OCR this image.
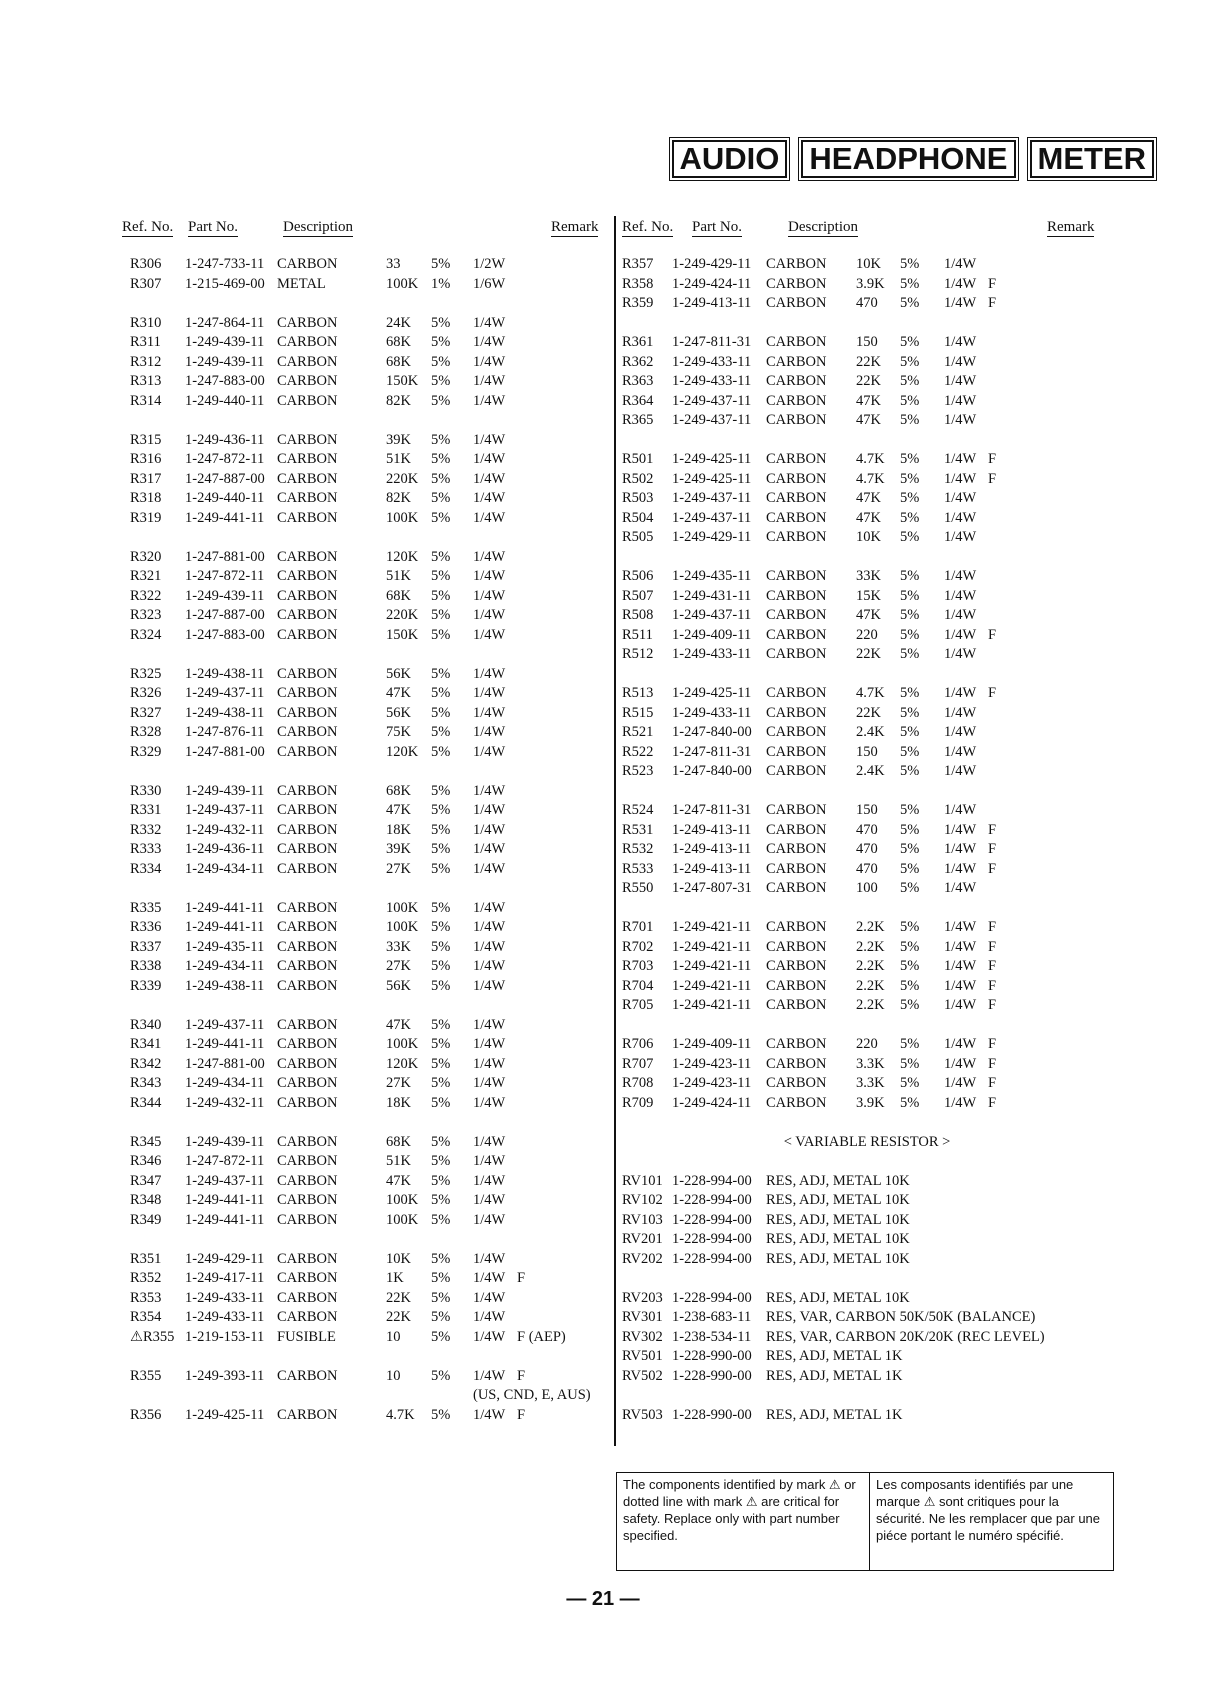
AUDIO HEADPHONE METER
Ref. No. Part No.	Description	Remark
R306 1-247-733-11 CARBON	33 5% 1/2W
R307 1-215-469-00 METAL	100K 1% 1/6W
R310 1-247-864-11 CARBON	24K 5% 1/4W
R311 1-249-439-11 CARBON	68K 5% 1/4W
R312 1-249-439-11 CARBON	68K 5% 1/4W
R313 1-247-883-00 CARBON	150K 5% 1/4W
R314 1-249-440-11 CARBON	82K 5% 1/4W
R315 1-249-436-11 CARBON	39K 5% 1/4W
R316 1-247-872-11 CARBON	51K 5% 1/4W
R317 1-247-887-00 CARBON	220K 5% 1/4W
R318 1-249-440-11 CARBON	82K 5% 1/4W
R319 1-249-441-11 CARBON	100K 5% 1/4W
R320 1-247-881-00 CARBON	120K 5% 1/4W
R321 1-247-872-11 CARBON	51K 5% 1/4W
R322 1-249-439-11 CARBON	68K 5% 1/4W
R323 1-247-887-00 CARBON	220K 5% 1/4W
R324 1-247-883-00 CARBON	150K 5% 1/4W
R325 1-249-438-11 CARBON	56K 5% 1/4W
R326 1-249-437-11 CARBON	47K 5% 1/4W
R327 1-249-438-11 CARBON	56K 5% 1/4W
R328 1-247-876-11 CARBON	75K 5% 1/4W
R329 1-247-881-00 CARBON	120K 5% 1/4W
R330 1-249-439-11 CARBON	68K 5% 1/4W
R331 1-249-437-11 CARBON	47K 5% 1/4W
R332 1-249-432-11 CARBON	18K 5% 1/4W
R333 1-249-436-11 CARBON	39K 5% 1/4W
R334 1-249-434-11 CARBON	27K 5% 1/4W
R335 1-249-441-11 CARBON	100K 5% 1/4W
R336 1-249-441-11 CARBON	100K 5% 1/4W
R337 1-249-435-11 CARBON	33K 5% 1/4W
R338 1-249-434-11 CARBON	27K 5% 1/4W
R339 1-249-438-11 CARBON	56K 5% 1/4W
R340 1-249-437-11 CARBON	47K 5% 1/4W
R341 1-249-441-11 CARBON	100K 5% 1/4W
R342 1-247-881-00 CARBON	120K 5% 1/4W
R343 1-249-434-11 CARBON	27K 5% 1/4W
R344 1-249-432-11 CARBON	18K 5% 1/4W
R345 1-249-439-11 CARBON	68K 5% 1/4W
R346 1-247-872-11 CARBON	51K 5% 1/4W
R347 1-249-437-11 CARBON	47K 5% 1/4W
R348 1-249-441-11 CARBON	100K 5% 1/4W
R349 1-249-441-11 CARBON	100K 5% 1/4W
R351 1-249-429-11 CARBON	10K 5% 1/4W
R352 1-249-417-11 CARBON	1K 5% 1/4W F
R353 1-249-433-11 CARBON	22K 5% 1/4W
R354 1-249-433-11 CARBON	22K 5% 1/4W
⚠R355 1-219-153-11 FUSIBLE	10 5% 1/4W F (AEP)
R355 1-249-393-11 CARBON	10 5% 1/4W F
(US, CND, E, AUS)
R356 1-249-425-11 CARBON	4.7K 5% 1/4W F
Ref. No. Part No.	Description	Remark
R357 1-249-429-11 CARBON 10K 5% 1/4W
R358 1-249-424-11 CARBON 3.9K 5% 1/4W F
R359 1-249-413-11 CARBON 470 5% 1/4W F
R361 1-247-811-31 CARBON 150 5% 1/4W
R362 1-249-433-11 CARBON 22K 5% 1/4W
R363 1-249-433-11 CARBON 22K 5% 1/4W
R364 1-249-437-11 CARBON 47K 5% 1/4W
R365 1-249-437-11 CARBON 47K 5% 1/4W
R501 1-249-425-11 CARBON 4.7K 5% 1/4W F
R502 1-249-425-11 CARBON 4.7K 5% 1/4W F
R503 1-249-437-11 CARBON 47K 5% 1/4W
R504 1-249-437-11 CARBON 47K 5% 1/4W
R505 1-249-429-11 CARBON 10K 5% 1/4W
R506 1-249-435-11 CARBON 33K 5% 1/4W
R507 1-249-431-11 CARBON 15K 5% 1/4W
R508 1-249-437-11 CARBON 47K 5% 1/4W
R511 1-249-409-11 CARBON 220 5% 1/4W F
R512 1-249-433-11 CARBON 22K 5% 1/4W
R513 1-249-425-11 CARBON 4.7K 5% 1/4W F
R515 1-249-433-11 CARBON 22K 5% 1/4W
R521 1-247-840-00 CARBON 2.4K 5% 1/4W
R522 1-247-811-31 CARBON 150 5% 1/4W
R523 1-247-840-00 CARBON 2.4K 5% 1/4W
R524 1-247-811-31 CARBON 150 5% 1/4W
R531 1-249-413-11 CARBON 470 5% 1/4W F
R532 1-249-413-11 CARBON 470 5% 1/4W F
R533 1-249-413-11 CARBON 470 5% 1/4W F
R550 1-247-807-31 CARBON 100 5% 1/4W
R701 1-249-421-11 CARBON 2.2K 5% 1/4W F
R702 1-249-421-11 CARBON 2.2K 5% 1/4W F
R703 1-249-421-11 CARBON 2.2K 5% 1/4W F
R704 1-249-421-11 CARBON 2.2K 5% 1/4W F
R705 1-249-421-11 CARBON 2.2K 5% 1/4W F
R706 1-249-409-11 CARBON 220 5% 1/4W F
R707 1-249-423-11 CARBON 3.3K 5% 1/4W F
R708 1-249-423-11 CARBON 3.3K 5% 1/4W F
R709 1-249-424-11 CARBON 3.9K 5% 1/4W F
< VARIABLE RESISTOR >
RV101 1-228-994-00 RES, ADJ, METAL 10K
RV102 1-228-994-00 RES, ADJ, METAL 10K
RV103 1-228-994-00 RES, ADJ, METAL 10K
RV201 1-228-994-00 RES, ADJ, METAL 10K
RV202 1-228-994-00 RES, ADJ, METAL 10K
RV203 1-228-994-00 RES, ADJ, METAL 10K
RV301 1-238-683-11 RES, VAR, CARBON 50K/50K (BALANCE)
RV302 1-238-534-11 RES, VAR, CARBON 20K/20K (REC LEVEL)
RV501 1-228-990-00 RES, ADJ, METAL 1K
RV502 1-228-990-00 RES, ADJ, METAL 1K
RV503 1-228-990-00 RES, ADJ, METAL 1K
The components identified by mark ⚠ or dotted line with mark ⚠ are critical for safety. Replace only with part number specified.
Les composants identifiés par une marque ⚠ sont critiques pour la sécurité. Ne les remplacer que par une piéce portant le numéro spécifié.
— 21 —
